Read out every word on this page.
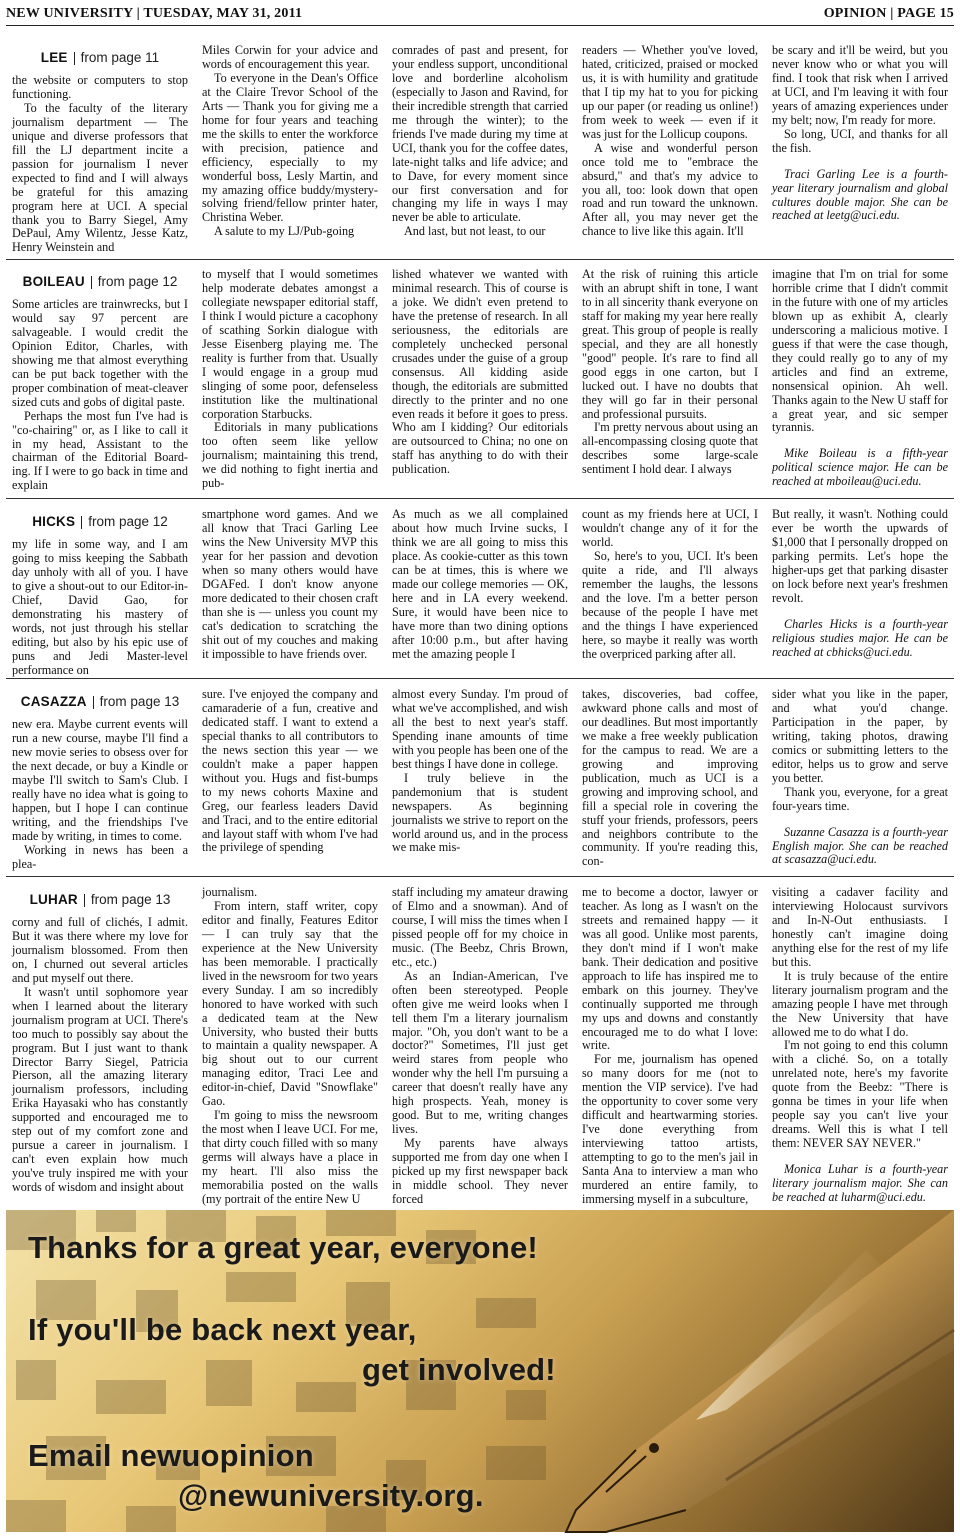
NEW UNIVERSITY | TUESDAY, MAY 31, 2011	OPINION | PAGE 15
LEE from page 11

the website or computers to stop functioning.

To the faculty of the literary journalism department — The unique and diverse professors that fill the LJ department incite a passion for journalism I never expected to find and I will always be grateful for this amazing program here at UCI. A special thank you to Barry Siegel, Amy DePaul, Amy Wilentz, Jesse Katz, Henry Weinstein and

Miles Corwin for your advice and words of encouragement this year.

To everyone in the Dean's Office at the Claire Trevor School of the Arts — Thank you for giving me a home for four years and teaching me the skills to enter the workforce with precision, patience and efficiency, especially to my wonderful boss, Lesly Martin, and my amazing office buddy/mystery-solving friend/fellow printer hater, Christina Weber.

A salute to my LJ/Pub-going

comrades of past and present, for your endless support, unconditional love and borderline alcoholism (especially to Jason and Ravind, for their incredible strength that carried me through the winter); to the friends I've made during my time at UCI, thank you for the coffee dates, late-night talks and life advice; and to Dave, for every moment since our first conversation and for changing my life in ways I may never be able to articulate.

And last, but not least, to our

readers — Whether you've loved, hated, criticized, praised or mocked us, it is with humility and gratitude that I tip my hat to you for picking up our paper (or reading us online!) from week to week — even if it was just for the Lollicup coupons.

A wise and wonderful person once told me to "embrace the absurd," and that's my advice to you all, too: look down that open road and run toward the unknown. After all, you may never get the chance to live like this again. It'll

be scary and it'll be weird, but you never know who or what you will find. I took that risk when I arrived at UCI, and I'm leaving it with four years of amazing experiences under my belt; now, I'm ready for more.

So long, UCI, and thanks for all the fish.

Traci Garling Lee is a fourth-year literary journalism and global cultures double major. She can be reached at leetg@uci.edu.

BOILEAU from page 12

Some articles are trainwrecks, but I would say 97 percent are salvageable. I would credit the Opinion Editor, Charles, with showing me that almost everything can be put back together with the proper combination of meat-cleaver sized cuts and gobs of digital paste.

Perhaps the most fun I've had is "co-chairing" or, as I like to call it in my head, Assistant to the chairman of the Editorial Board-ing. If I were to go back in time and explain

to myself that I would sometimes help moderate debates amongst a collegiate newspaper editorial staff, I think I would picture a cacophony of scathing Sorkin dialogue with Jesse Eisenberg playing me. The reality is further from that. Usually I would engage in a group mud slinging of some poor, defenseless institution like the multinational corporation Starbucks.

Editorials in many publications too often seem like yellow journalism; maintaining this trend, we did nothing to fight inertia and pub-

lished whatever we wanted with minimal research. This of course is a joke. We didn't even pretend to have the pretense of research. In all seriousness, the editorials are completely unchecked personal crusades under the guise of a group consensus. All kidding aside though, the editorials are submitted directly to the printer and no one even reads it before it goes to press. Who am I kidding? Our editorials are outsourced to China; no one on staff has anything to do with their publication.

At the risk of ruining this article with an abrupt shift in tone, I want to in all sincerity thank everyone on staff for making my year here really great. This group of people is really special, and they are all honestly "good" people. It's rare to find all good eggs in one carton, but I lucked out. I have no doubts that they will go far in their personal and professional pursuits.

I'm pretty nervous about using an all-encompassing closing quote that describes some large-scale sentiment I hold dear. I always

imagine that I'm on trial for some horrible crime that I didn't commit in the future with one of my articles blown up as exhibit A, clearly underscoring a malicious motive. I guess if that were the case though, they could really go to any of my articles and find an extreme, nonsensical opinion. Ah well. Thanks again to the New U staff for a great year, and sic semper tyrannis.

Mike Boileau is a fifth-year political science major. He can be reached at mboileau@uci.edu.

HICKS from page 12

my life in some way, and I am going to miss keeping the Sabbath day unholy with all of you. I have to give a shout-out to our Editor-in-Chief, David Gao, for demonstrating his mastery of words, not just through his stellar editing, but also by his epic use of puns and Jedi Master-level performance on

smartphone word games. And we all know that Traci Garling Lee wins the New University MVP this year for her passion and devotion when so many others would have DGAFed. I don't know anyone more dedicated to their chosen craft than she is — unless you count my cat's dedication to scratching the shit out of my couches and making it impossible to have friends over.

As much as we all complained about how much Irvine sucks, I think we are all going to miss this place. As cookie-cutter as this town can be at times, this is where we made our college memories — OK, here and in LA every weekend. Sure, it would have been nice to have more than two dining options after 10:00 p.m., but after having met the amazing people I

count as my friends here at UCI, I wouldn't change any of it for the world.

So, here's to you, UCI. It's been quite a ride, and I'll always remember the laughs, the lessons and the love. I'm a better person because of the people I have met and the things I have experienced here, so maybe it really was worth the overpriced parking after all.

But really, it wasn't. Nothing could ever be worth the upwards of $1,000 that I personally dropped on parking permits. Let's hope the higher-ups get that parking disaster on lock before next year's freshmen revolt.

Charles Hicks is a fourth-year religious studies major. He can be reached at cbhicks@uci.edu.

CASAZZA from page 13

new era. Maybe current events will run a new course, maybe I'll find a new movie series to obsess over for the next decade, or buy a Kindle or maybe I'll switch to Sam's Club. I really have no idea what is going to happen, but I hope I can continue writing, and the friendships I've made by writing, in times to come.

Working in news has been a plea-

sure. I've enjoyed the company and camaraderie of a fun, creative and dedicated staff. I want to extend a special thanks to all contributors to the news section this year — we couldn't make a paper happen without you. Hugs and fist-bumps to my news cohorts Maxine and Greg, our fearless leaders David and Traci, and to the entire editorial and layout staff with whom I've had the privilege of spending

almost every Sunday. I'm proud of what we've accomplished, and wish all the best to next year's staff. Spending inane amounts of time with you people has been one of the best things I have done in college.

I truly believe in the pandemonium that is student newspapers. As beginning journalists we strive to report on the world around us, and in the process we make mis-

takes, discoveries, bad coffee, awkward phone calls and most of our deadlines. But most importantly we make a free weekly publication for the campus to read. We are a growing and improving publication, much as UCI is a growing and improving school, and fill a special role in covering the stuff your friends, professors, peers and neighbors contribute to the community. If you're reading this, con-

sider what you like in the paper, and what you'd change. Participation in the paper, by writing, taking photos, drawing comics or submitting letters to the editor, helps us to grow and serve you better.

Thank you, everyone, for a great four-years time.

Suzanne Casazza is a fourth-year English major. She can be reached at scasazza@uci.edu.

LUHAR from page 13

corny and full of clichés, I admit. But it was there where my love for journalism blossomed. From then on, I churned out several articles and put myself out there.

It wasn't until sophomore year when I learned about the literary journalism program at UCI. There's too much to possibly say about the program. But I just want to thank Director Barry Siegel, Patricia Pierson, all the amazing literary journalism professors, including Erika Hayasaki who has constantly supported and encouraged me to step out of my comfort zone and pursue a career in journalism. I can't even explain how much you've truly inspired me with your words of wisdom and insight about

journalism.

From intern, staff writer, copy editor and finally, Features Editor — I can truly say that the experience at the New University has been memorable. I practically lived in the newsroom for two years every Sunday. I am so incredibly honored to have worked with such a dedicated team at the New University, who busted their butts to maintain a quality newspaper. A big shout out to our current managing editor, Traci Lee and editor-in-chief, David "Snowflake" Gao.

I'm going to miss the newsroom the most when I leave UCI. For me, that dirty couch filled with so many germs will always have a place in my heart. I'll also miss the memorabilia posted on the walls (my portrait of the entire New U

staff including my amateur drawing of Elmo and a snowman). And of course, I will miss the times when I pissed people off for my choice in music. (The Beebz, Chris Brown, etc., etc.)

As an Indian-American, I've often been stereotyped. People often give me weird looks when I tell them I'm a literary journalism major. "Oh, you don't want to be a doctor?" Sometimes, I'll just get weird stares from people who wonder why the hell I'm pursuing a career that doesn't really have any high prospects. Yeah, money is good. But to me, writing changes lives.

My parents have always supported me from day one when I picked up my first newspaper back in middle school. They never forced

me to become a doctor, lawyer or teacher. As long as I wasn't on the streets and remained happy — it was all good. Unlike most parents, they don't mind if I won't make bank. Their dedication and positive approach to life has inspired me to embark on this journey. They've continually supported me through my ups and downs and constantly encouraged me to do what I love: write.

For me, journalism has opened so many doors for me (not to mention the VIP service). I've had the opportunity to cover some very difficult and heartwarming stories. I've done everything from interviewing tattoo artists, attempting to go to the men's jail in Santa Ana to interview a man who murdered an entire family, to immersing myself in a subculture,

visiting a cadaver facility and interviewing Holocaust survivors and In-N-Out enthusiasts. I honestly can't imagine doing anything else for the rest of my life but this.

It is truly because of the entire literary journalism program and the amazing people I have met through the New University that have allowed me to do what I do.

I'm not going to end this column with a cliché. So, on a totally unrelated note, here's my favorite quote from the Beebz: "There is gonna be times in your life when people say you can't live your dreams. Well this is what I tell them: NEVER SAY NEVER."

Monica Luhar is a fourth-year literary journalism major. She can be reached at luharm@uci.edu.

Thanks for a great year, everyone!
If you'll be back next year,
get involved!
Email newuopinion
@newuniversity.org.
